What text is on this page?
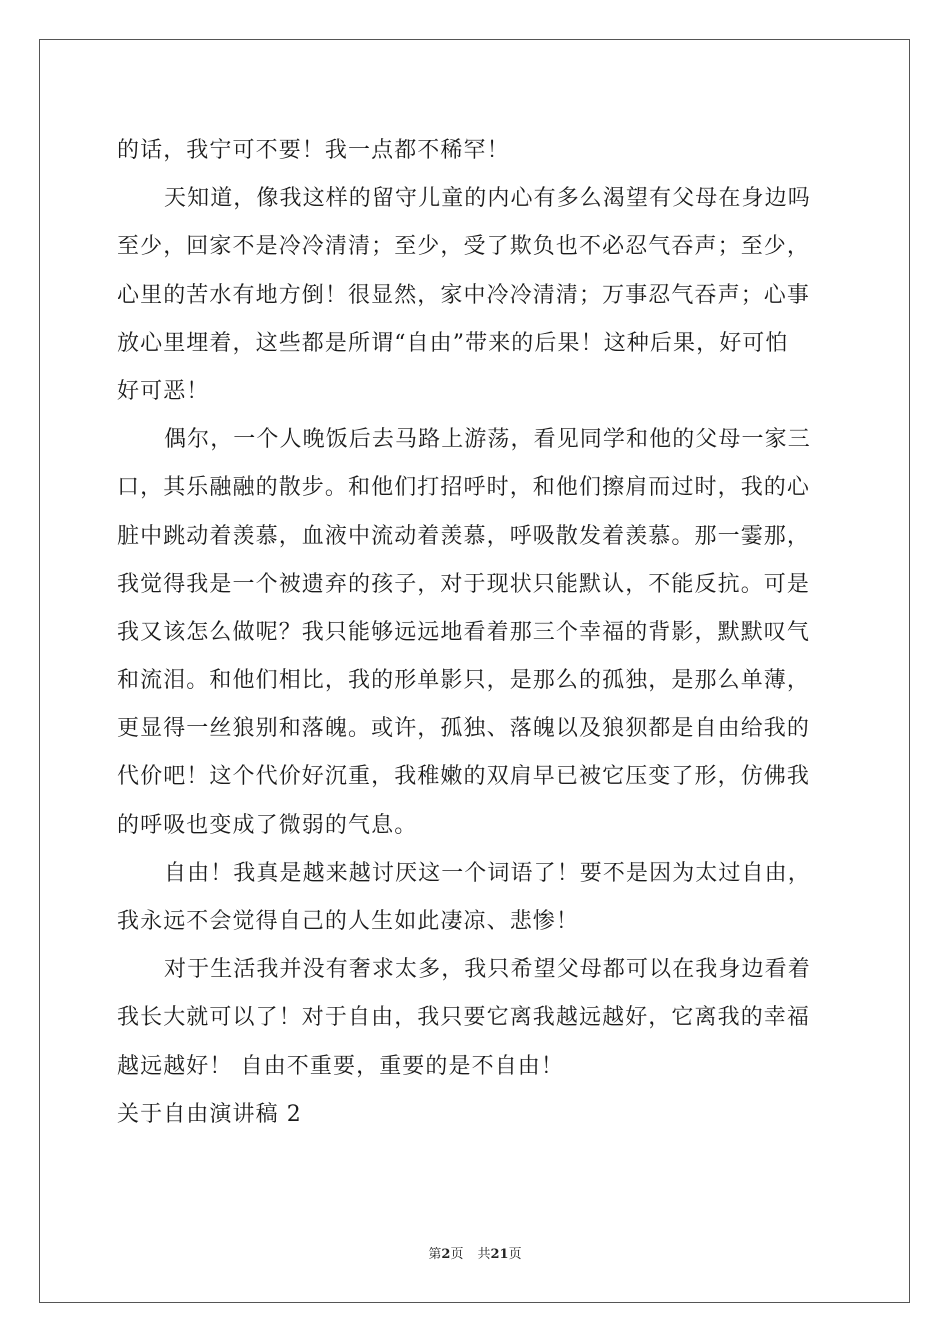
的话，我宁可不要！我一点都不稀罕！

天知道，像我这样的留守儿童的内心有多么渴望有父母在身边吗

至少，回家不是冷冷清清；至少，受了欺负也不必忍气吞声；至少，

心里的苦水有地方倒！很显然，家中冷冷清清；万事忍气吞声；心事

放心里埋着，这些都是所谓“自由”带来的后果！这种后果，好可怕

好可恶！

偶尔，一个人晚饭后去马路上游荡，看见同学和他的父母一家三

口，其乐融融的散步。和他们打招呼时，和他们擦肩而过时，我的心

脏中跳动着羡慕，血液中流动着羡慕，呼吸散发着羡慕。那一霎那，

我觉得我是一个被遗弃的孩子，对于现状只能默认，不能反抗。可是

我又该怎么做呢？我只能够远远地看着那三个幸福的背影，默默叹气

和流泪。和他们相比，我的形单影只，是那么的孤独，是那么单薄，

更显得一丝狼别和落魄。或许，孤独、落魄以及狼狈都是自由给我的

代价吧！这个代价好沉重，我稚嫩的双肩早已被它压变了形，仿佛我

的呼吸也变成了微弱的气息。

自由！我真是越来越讨厌这一个词语了！要不是因为太过自由，

我永远不会觉得自己的人生如此凄凉、悲惨！

对于生活我并没有奢求太多，我只希望父母都可以在我身边看着

我长大就可以了！对于自由，我只要它离我越远越好，它离我的幸福

越远越好！ 自由不重要，重要的是不自由！

关于自由演讲稿 2

第2页 共21页
